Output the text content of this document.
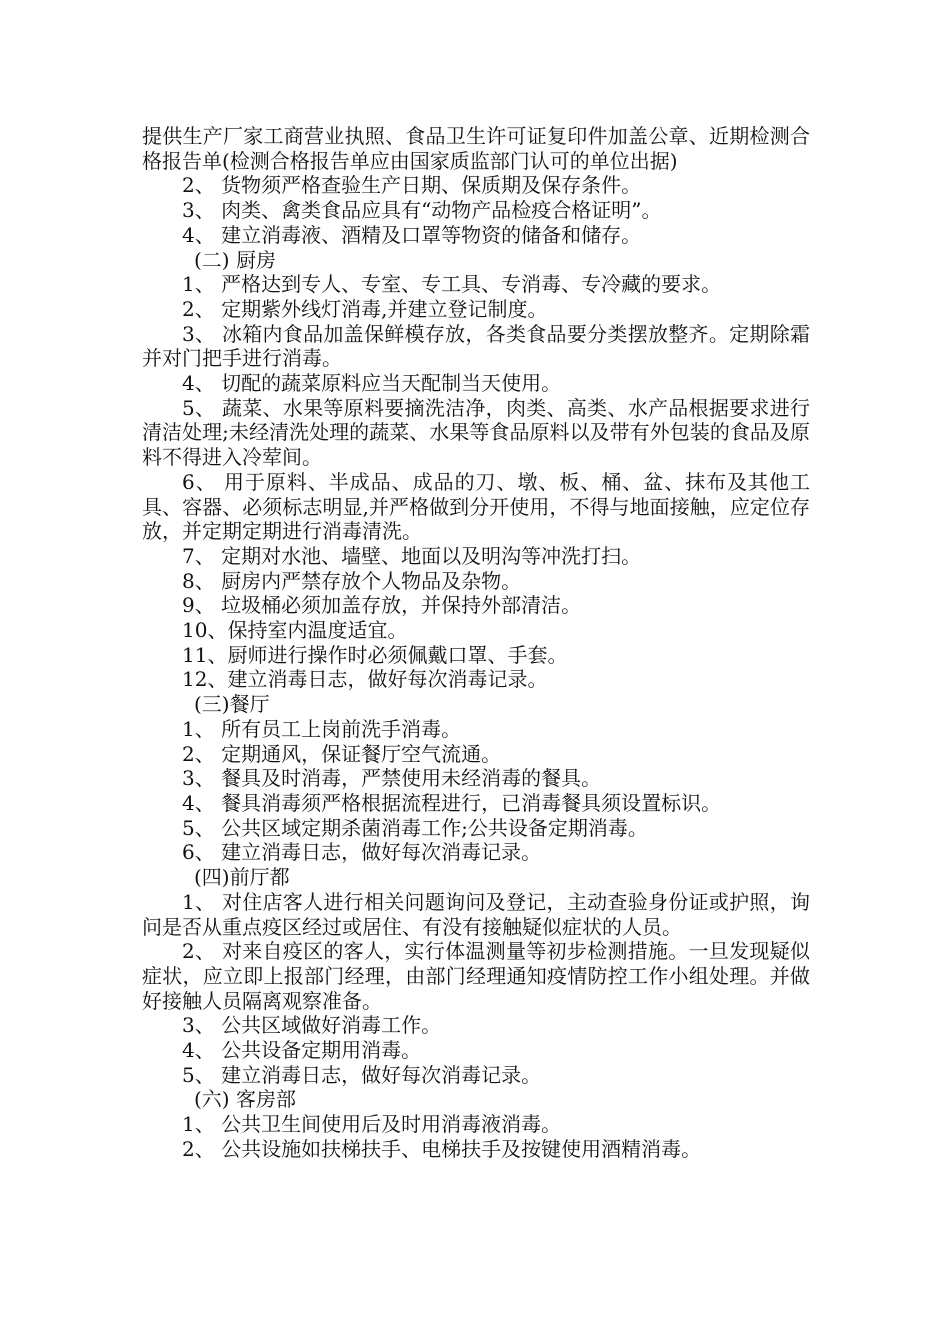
提供生产厂家工商营业执照、食品卫生许可证复印件加盖公章、近期检测合格报告单(检测合格报告单应由国家质监部门认可的单位出据)

2、 货物须严格查验生产日期、保质期及保存条件。

3、 肉类、禽类食品应具有“动物产品检疫合格证明”。

4、 建立消毒液、酒精及口罩等物资的储备和储存。

(二) 厨房

1、 严格达到专人、专室、专工具、专消毒、专冷藏的要求。

2、 定期紫外线灯消毒,并建立登记制度。

3、 冰箱内食品加盖保鲜模存放，各类食品要分类摆放整齐。定期除霜并对门把手进行消毒。

4、 切配的蔬菜原料应当天配制当天使用。

5、 蔬菜、水果等原料要摘洗洁净，肉类、高类、水产品根据要求进行清洁处理;未经清洗处理的蔬菜、水果等食品原料以及带有外包装的食品及原料不得进入冷荤间。

6、 用于原料、半成品、成品的刀、墩、板、桶、盆、抹布及其他工具、容器、必须标志明显,并严格做到分开使用，不得与地面接触，应定位存放，并定期定期进行消毒清洗。

7、 定期对水池、墙壁、地面以及明沟等冲洗打扫。

8、 厨房内严禁存放个人物品及杂物。

9、 垃圾桶必须加盖存放，并保持外部清洁。

10、保持室内温度适宜。

11、厨师进行操作时必须佩戴口罩、手套。

12、建立消毒日志，做好每次消毒记录。

(三)餐厅

1、 所有员工上岗前洗手消毒。

2、 定期通风，保证餐厅空气流通。

3、 餐具及时消毒，严禁使用未经消毒的餐具。

4、 餐具消毒须严格根据流程进行，已消毒餐具须设置标识。

5、 公共区域定期杀菌消毒工作;公共设备定期消毒。

6、 建立消毒日志，做好每次消毒记录。

(四)前厅都

1、 对住店客人进行相关问题询问及登记，主动查验身份证或护照，询问是否从重点疫区经过或居住、有没有接触疑似症状的人员。

2、 对来自疫区的客人，实行体温测量等初步检测措施。一旦发现疑似症状，应立即上报部门经理，由部门经理通知疫情防控工作小组处理。并做好接触人员隔离观察准备。

3、 公共区域做好消毒工作。

4、 公共设备定期用消毒。

5、 建立消毒日志，做好每次消毒记录。

(六) 客房部

1、 公共卫生间使用后及时用消毒液消毒。

2、 公共设施如扶梯扶手、电梯扶手及按键使用酒精消毒。
